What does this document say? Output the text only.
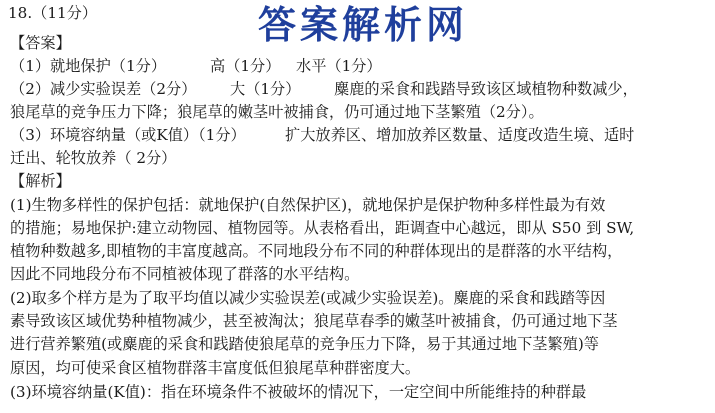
答案解析网
18.（11分）
【答案】
（1）就地保护（1分）	高（1分） 水平（1分）
（2）减少实验误差（2分） 大（1分） 麋鹿的采食和践踏导致该区域植物种数减少，
狼尾草的竞争压力下降；狼尾草的嫩茎叶被捕食，仍可通过地下茎繁殖（2分）。
（3）环境容纳量（或K值）（1分）	扩大放养区、增加放养区数量、适度改造生境、适时
迁出、轮牧放养（ 2分）
【解析】
(1)生物多样性的保护包括：就地保护(自然保护区)，就地保护是保护物种多样性最为有效
的措施；易地保护:建立动物园、植物园等。从表格看出，距调查中心越远，即从 S50 到 SW,
植物种数越多,即植物的丰富度越高。不同地段分布不同的种群体现出的是群落的水平结构，
因此不同地段分布不同植被体现了群落的水平结构。
(2)取多个样方是为了取平均值以减少实验误差(或减少实验误差)。麋鹿的采食和践踏等因
素导致该区域优势种植物减少，甚至被淘汰；狼尾草春季的嫩茎叶被捕食，仍可通过地下茎
进行营养繁殖(或麋鹿的采食和践踏使狼尾草的竞争压力下降，易于其通过地下茎繁殖)等
原因，均可使采食区植物群落丰富度低但狼尾草种群密度大。
(3)环境容纳量(K值)：指在环境条件不被破坏的情况下，一定空间中所能维持的种群最
